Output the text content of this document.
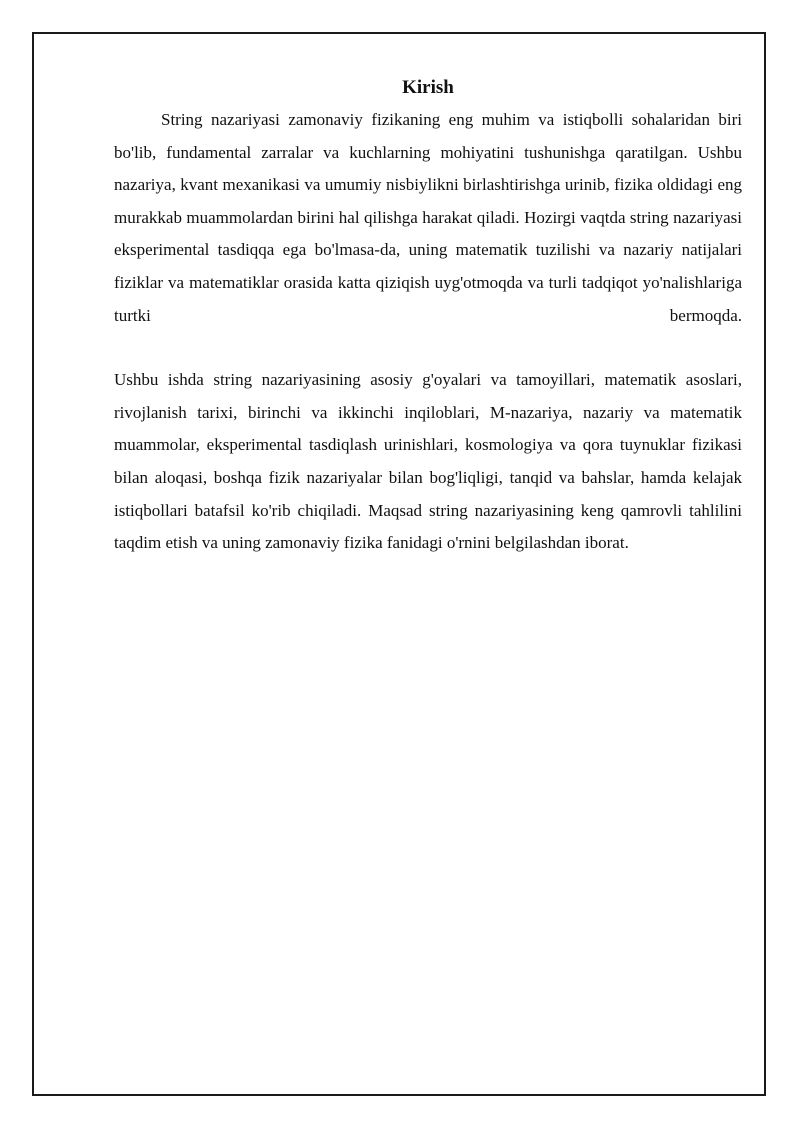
Kirish

String nazariyasi zamonaviy fizikaning eng muhim va istiqbolli sohalaridan biri bo'lib, fundamental zarralar va kuchlarning mohiyatini tushunishga qaratilgan. Ushbu nazariya, kvant mexanikasi va umumiy nisbiylikni birlashtirishga urinib, fizika oldidagi eng murakkab muammolardan birini hal qilishga harakat qiladi. Hozirgi vaqtda string nazariyasi eksperimental tasdiqqa ega bo'lmasa-da, uning matematik tuzilishi va nazariy natijalari fiziklar va matematiklar orasida katta qiziqish uyg'otmoqda va turli tadqiqot yo'nalishlariga turtki bermoqda.

Ushbu ishda string nazariyasining asosiy g'oyalari va tamoyillari, matematik asoslari, rivojlanish tarixi, birinchi va ikkinchi inqiloblari, M-nazariya, nazariy va matematik muammolar, eksperimental tasdiqlash urinishlari, kosmologiya va qora tuynuklar fizikasi bilan aloqasi, boshqa fizik nazariyalar bilan bog'liqligi, tanqid va bahslar, hamda kelajak istiqbollari batafsil ko'rib chiqiladi. Maqsad string nazariyasining keng qamrovli tahlilini taqdim etish va uning zamonaviy fizika fanidagi o'rnini belgilashdan iborat.
